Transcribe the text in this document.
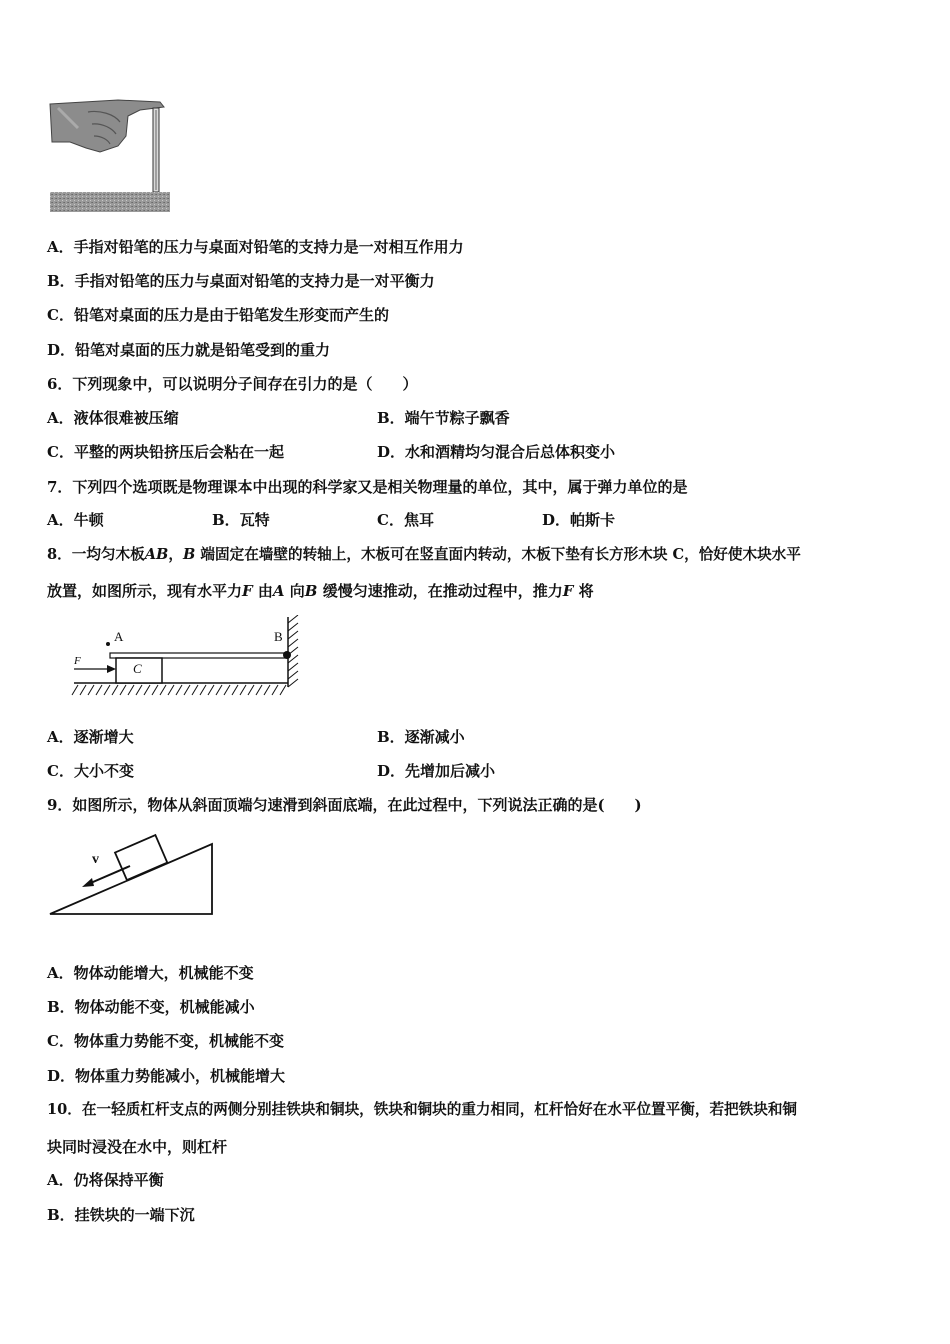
A．手指对铅笔的压力与桌面对铅笔的支持力是一对相互作用力
B．手指对铅笔的压力与桌面对铅笔的支持力是一对平衡力
C．铅笔对桌面的压力是由于铅笔发生形变而产生的
D．铅笔对桌面的压力就是铅笔受到的重力
6．下列现象中，可以说明分子间存在引力的是（　　）
A．液体很难被压缩	B．端午节粽子飘香
C．平整的两块铅挤压后会粘在一起	D．水和酒精均匀混合后总体积变小
7．下列四个选项既是物理课本中出现的科学家又是相关物理量的单位，其中，属于弹力单位的是
A．牛顿	B．瓦特	C．焦耳	D．帕斯卡
8．一均匀木板AB，B 端固定在墙壁的转轴上，木板可在竖直面内转动，木板下垫有长方形木块 C，恰好使木块水平
放置，如图所示，现有水平力F 由A 向B 缓慢匀速推动，在推动过程中，推力F 将
A	B
C
F
A．逐渐增大	B．逐渐减小
C．大小不变	D．先增加后减小
9．如图所示，物体从斜面顶端匀速滑到斜面底端，在此过程中，下列说法正确的是(　　)
v
A．物体动能增大，机械能不变
B．物体动能不变，机械能减小
C．物体重力势能不变，机械能不变
D．物体重力势能减小，机械能增大
10．在一轻质杠杆支点的两侧分别挂铁块和铜块，铁块和铜块的重力相同，杠杆恰好在水平位置平衡，若把铁块和铜
块同时浸没在水中，则杠杆
A．仍将保持平衡
B．挂铁块的一端下沉
